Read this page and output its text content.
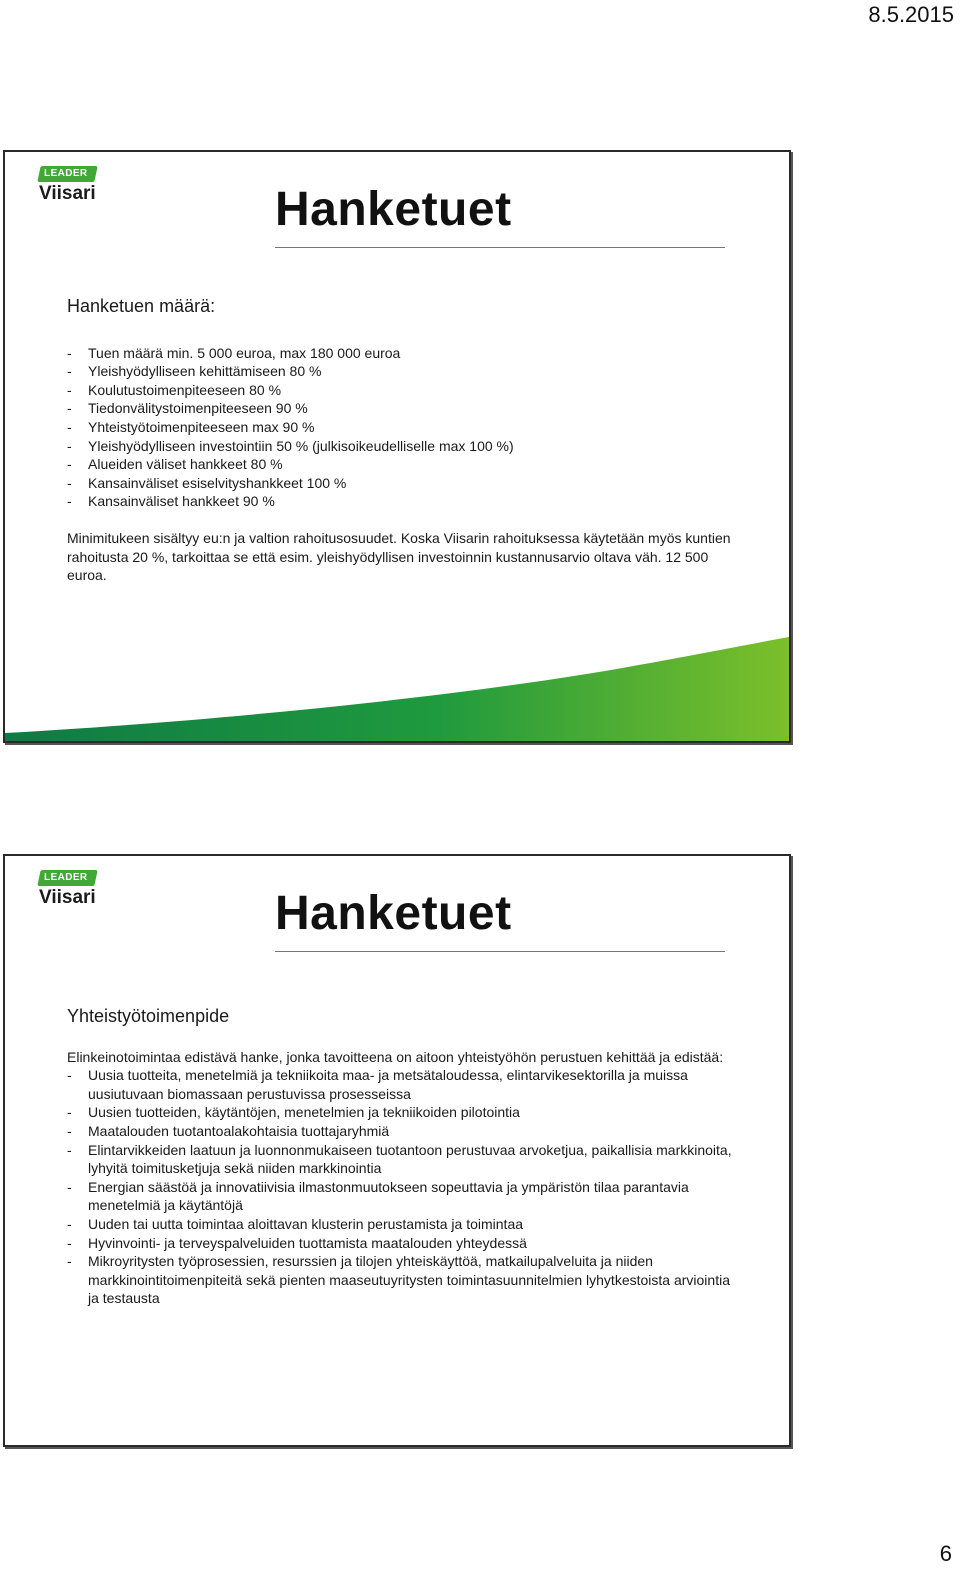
8.5.2015
LEADER
Viisari	Hanketuet
Hanketuen määrä:
- Tuen määrä min. 5 000 euroa, max 180 000 euroa
- Yleishyödylliseen kehittämiseen 80 %
- Koulutustoimenpiteeseen 80 %
- Tiedonvälitystoimenpiteeseen 90 %
- Yhteistyötoimenpiteeseen max 90 %
- Yleishyödylliseen investointiin 50 % (julkisoikeudelliselle max 100 %)
- Alueiden väliset hankkeet 80 %
- Kansainväliset esiselvityshankkeet 100 %
- Kansainväliset hankkeet 90 %

Minimitukeen sisältyy eu:n ja valtion rahoitusosuudet. Koska Viisarin rahoituksessa käytetään myös kuntien rahoitusta 20 %, tarkoittaa se että esim. yleishyödyllisen investoinnin kustannusarvio oltava väh. 12 500 euroa.

LEADER
Viisari	Hanketuet
Yhteistyötoimenpide

Elinkeinotoimintaa edistävä hanke, jonka tavoitteena on aitoon yhteistyöhön perustuen kehittää ja edistää:

- Uusia tuotteita, menetelmiä ja tekniikoita maa- ja metsätaloudessa, elintarvikesektorilla ja muissa uusiutuvaan biomassaan perustuvissa prosesseissa
- Uusien tuotteiden, käytäntöjen, menetelmien ja tekniikoiden pilotointia
- Maatalouden tuotantoalakohtaisia tuottajaryhmiä
- Elintarvikkeiden laatuun ja luonnonmukaiseen tuotantoon perustuvaa arvoketjua, paikallisia markkinoita, lyhyitä toimitusketjuja sekä niiden markkinointia
- Energian säästöä ja innovatiivisia ilmastonmuutokseen sopeuttavia ja ympäristön tilaa parantavia menetelmiä ja käytäntöjä
- Uuden tai uutta toimintaa aloittavan klusterin perustamista ja toimintaa
- Hyvinvointi- ja terveyspalveluiden tuottamista maatalouden yhteydessä
- Mikroyritysten työprosessien, resurssien ja tilojen yhteiskäyttöä, matkailupalveluita ja niiden markkinointitoimenpiteitä sekä pienten maaseutuyritysten toimintasuunnitelmien lyhytkestoista arviointia ja testausta
6
